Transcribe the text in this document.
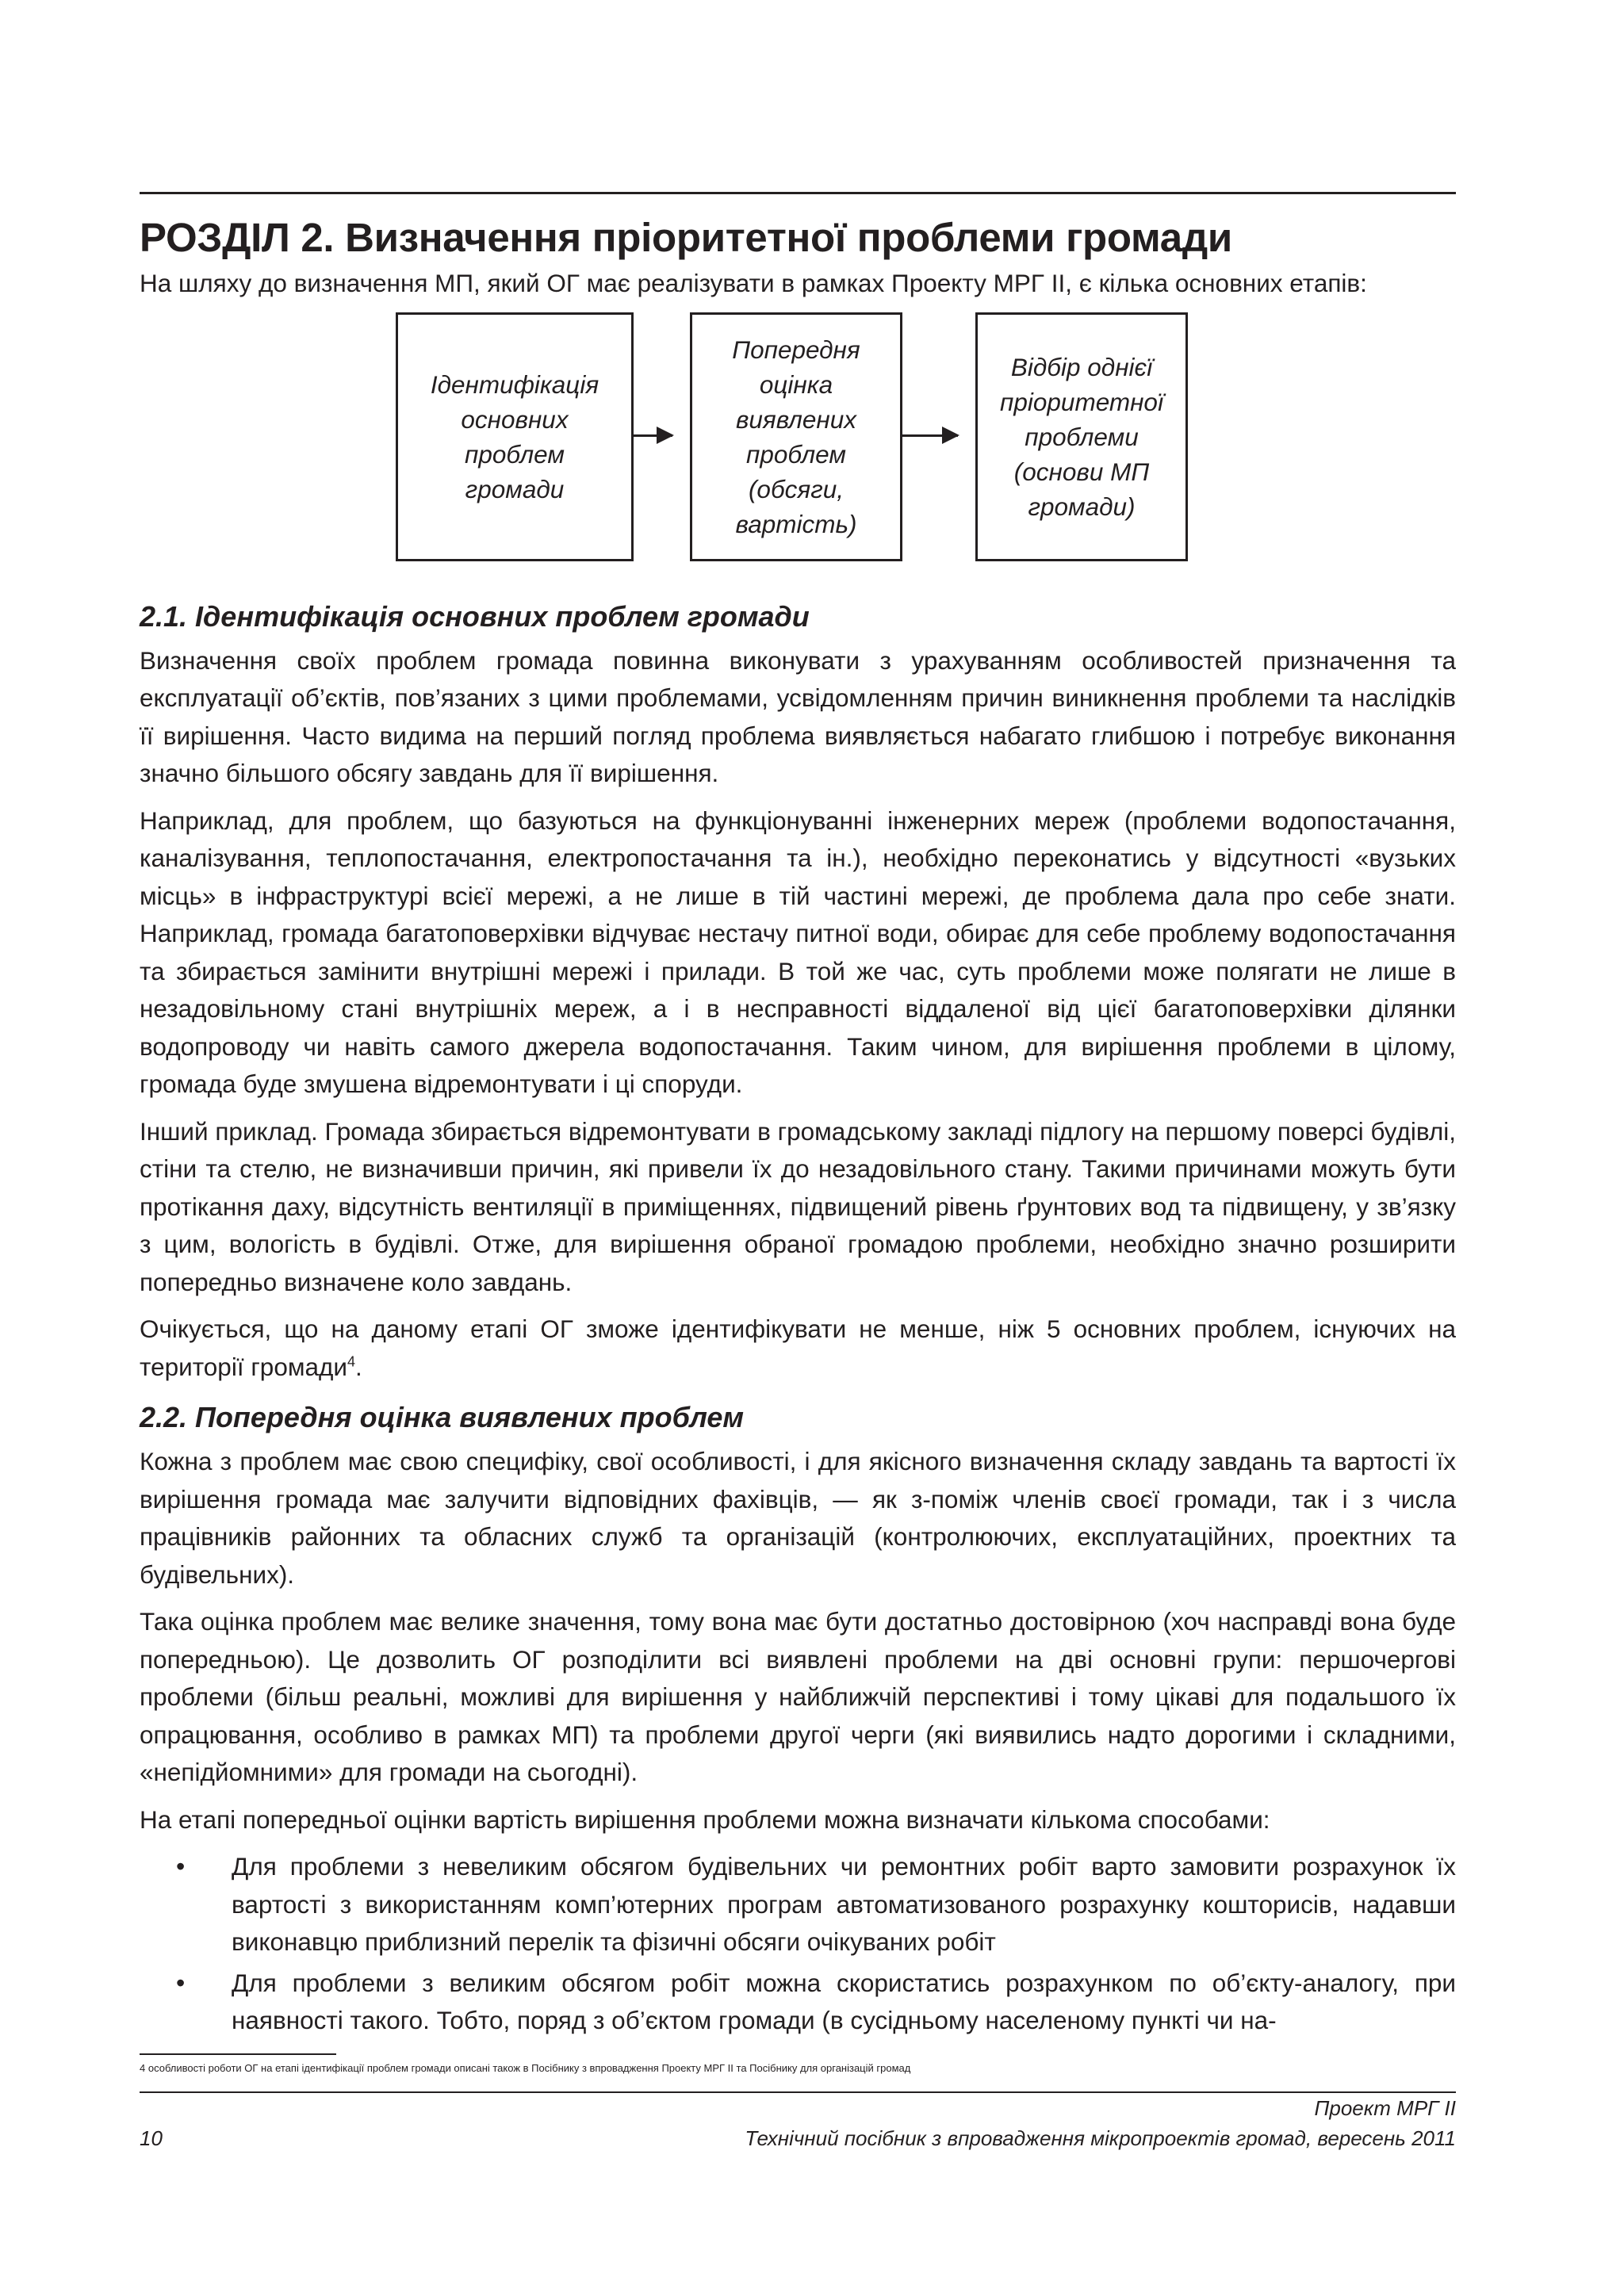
РОЗДІЛ 2. Визначення пріоритетної проблеми громади

На шляху до визначення МП, який ОГ має реалізувати в рамках Проекту МРГ ІІ, є кілька основних етапів:

Ідентифікація
основних
проблем
громади
Попередня
оцінка
виявлених
проблем
(обсяги,
вартість)
Відбір однієї
пріоритетної
проблеми
(основи МП
громади)
2.1. Ідентифікація основних проблем громади

Визначення своїх проблем громада повинна виконувати з урахуванням особливостей призначення та експлуатації об’єктів, пов’язаних з цими проблемами, усвідомленням причин виникнення проблеми та наслідків її вирішення. Часто видима на перший погляд проблема виявляється набагато глибшою і потребує виконання значно більшого обсягу завдань для її вирішення.

Наприклад, для проблем, що базуються на функціонуванні інженерних мереж (проблеми водопостачання, каналізування, теплопостачання, електропостачання та ін.), необхідно переконатись у відсутності «вузьких місць» в інфраструктурі всієї мережі, а не лише в тій частині мережі, де проблема дала про себе знати. Наприклад, громада багатоповерхівки відчуває нестачу питної води, обирає для себе проблему водопостачання та збирається замінити внутрішні мережі і прилади. В той же час, суть проблеми може полягати не лише в незадовільному стані внутрішніх мереж, а і в несправності віддаленої від цієї багатоповерхівки ділянки водопроводу чи навіть самого джерела водопостачання. Таким чином, для вирішення проблеми в цілому, громада буде змушена відремонтувати і ці споруди.

Інший приклад. Громада збирається відремонтувати в громадському закладі підлогу на першому поверсі будівлі, стіни та стелю, не визначивши причин, які привели їх до незадовільного стану. Такими причинами можуть бути протікання даху, відсутність вентиляції в приміщеннях, підвищений рівень ґрунтових вод та підвищену, у зв’язку з цим, вологість в будівлі. Отже, для вирішення обраної громадою проблеми, необхідно значно розширити попередньо визначене коло завдань.

Очікується, що на даному етапі ОГ зможе ідентифікувати не менше, ніж 5 основних проблем, існуючих на території громади$^4$.

2.2. Попередня оцінка виявлених проблем

Кожна з проблем має свою специфіку, свої особливості, і для якісного визначення складу завдань та вартості їх вирішення громада має залучити відповідних фахівців, — як з-поміж членів своєї громади, так і з числа працівників районних та обласних служб та організацій (контролюючих, експлуатаційних, проектних та будівельних).

Така оцінка проблем має велике значення, тому вона має бути достатньо достовірною (хоч насправді вона буде попередньою). Це дозволить ОГ розподілити всі виявлені проблеми на дві основні групи: першочергові проблеми (більш реальні, можливі для вирішення у найближчій перспективі і тому цікаві для подальшого їх опрацювання, особливо в рамках МП) та проблеми другої черги (які виявились надто дорогими і складними, «непідйомними» для громади на сьогодні).

На етапі попередньої оцінки вартість вирішення проблеми можна визначати кількома способами:

• Для проблеми з невеликим обсягом будівельних чи ремонтних робіт варто замовити розрахунок їх вартості з використанням комп’ютерних програм автоматизованого розрахунку кошторисів, надавши виконавцю приблизний перелік та фізичні обсяги очікуваних робіт
• Для проблеми з великим обсягом робіт можна скористатись розрахунком по об’єкту-аналогу, при наявності такого. Тобто, поряд з об’єктом громади (в сусідньому населеному пункті чи на-
4 особливості роботи ОГ на етапі ідентифікації проблем громади описані також в Посібнику з впровадження Проекту МРГ ІІ та Посібнику для організацій громад
Проект МРГ ІІ
Технічний посібник з впровадження мікропроектів громад, вересень 2011
10
